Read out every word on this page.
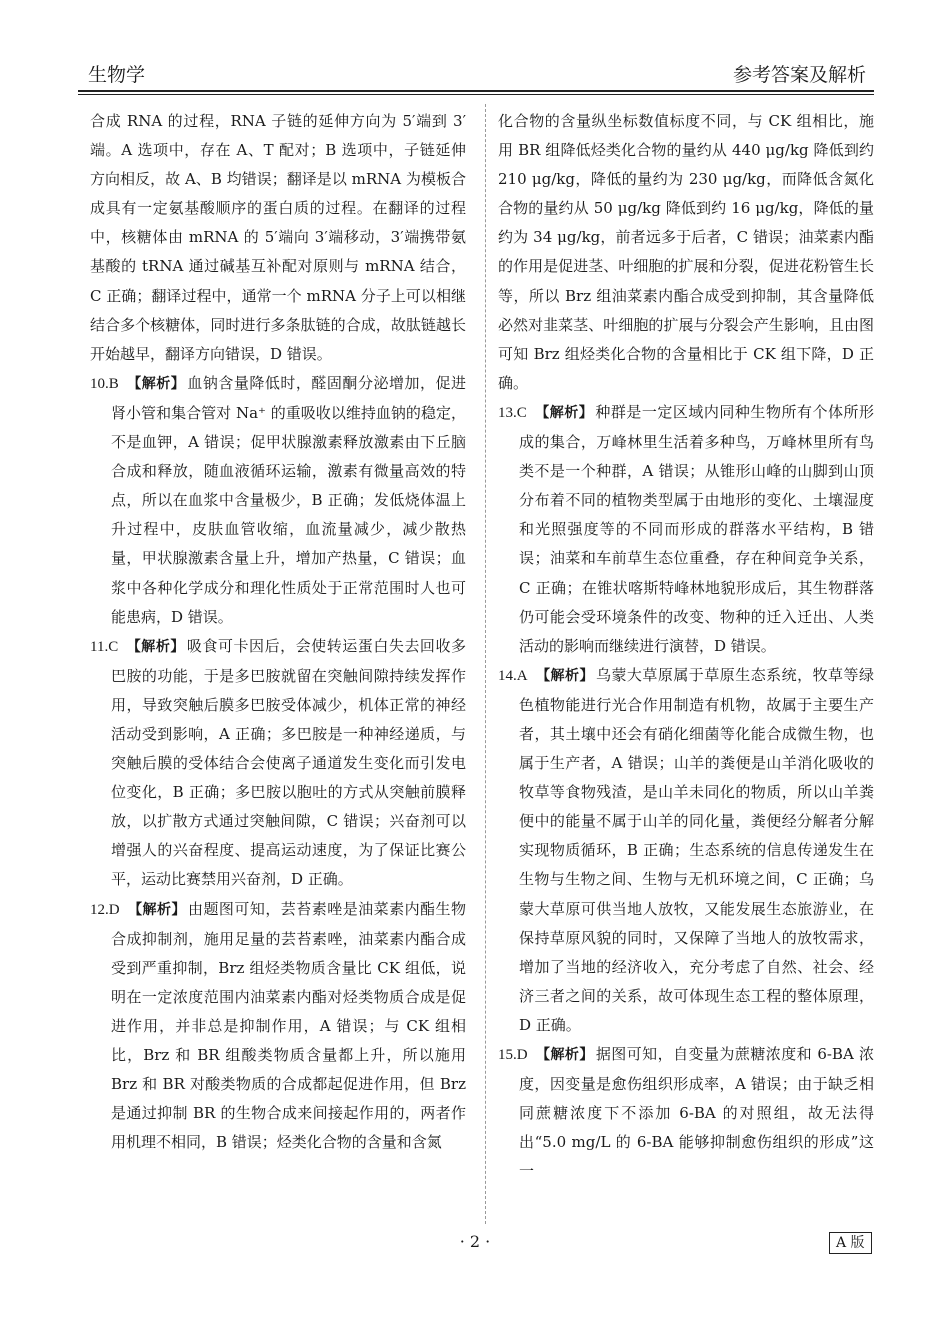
生物学	参考答案及解析

合成 RNA 的过程，RNA 子链的延伸方向为 5′端到 3′端。A 选项中，存在 A、T 配对；B 选项中，子链延伸方向相反，故 A、B 均错误；翻译是以 mRNA 为模板合成具有一定氨基酸顺序的蛋白质的过程。在翻译的过程中，核糖体由 mRNA 的 5′端向 3′端移动，3′端携带氨基酸的 tRNA 通过碱基互补配对原则与 mRNA 结合，C 正确；翻译过程中，通常一个 mRNA 分子上可以相继结合多个核糖体，同时进行多条肽链的合成，故肽链越长开始越早，翻译方向错误，D 错误。

10.B 【解析】 血钠含量降低时，醛固酮分泌增加，促进肾小管和集合管对 Na⁺ 的重吸收以维持血钠的稳定，不是血钾，A 错误；促甲状腺激素释放激素由下丘脑合成和释放，随血液循环运输，激素有微量高效的特点，所以在血浆中含量极少，B 正确；发低烧体温上升过程中，皮肤血管收缩，血流量减少，减少散热量，甲状腺激素含量上升，增加产热量，C 错误；血浆中各种化学成分和理化性质处于正常范围时人也可能患病，D 错误。

11.C 【解析】 吸食可卡因后，会使转运蛋白失去回收多巴胺的功能，于是多巴胺就留在突触间隙持续发挥作用，导致突触后膜多巴胺受体减少，机体正常的神经活动受到影响，A 正确；多巴胺是一种神经递质，与突触后膜的受体结合会使离子通道发生变化而引发电位变化，B 正确；多巴胺以胞吐的方式从突触前膜释放，以扩散方式通过突触间隙，C 错误；兴奋剂可以增强人的兴奋程度、提高运动速度，为了保证比赛公平，运动比赛禁用兴奋剂，D 正确。

12.D 【解析】 由题图可知，芸苔素唑是油菜素内酯生物合成抑制剂，施用足量的芸苔素唑，油菜素内酯合成受到严重抑制，Brz 组烃类物质含量比 CK 组低，说明在一定浓度范围内油菜素内酯对烃类物质合成是促进作用，并非总是抑制作用，A 错误；与 CK 组相比，Brz 和 BR 组酸类物质含量都上升，所以施用 Brz 和 BR 对酸类物质的合成都起促进作用，但 Brz 是通过抑制 BR 的生物合成来间接起作用的，两者作用机理不相同，B 错误；烃类化合物的含量和含氮

化合物的含量纵坐标数值标度不同，与 CK 组相比，施用 BR 组降低烃类化合物的量约从 440 μg/kg 降低到约 210 μg/kg，降低的量约为 230 μg/kg，而降低含氮化合物的量约从 50 μg/kg 降低到约 16 μg/kg，降低的量约为 34 μg/kg，前者远多于后者，C 错误；油菜素内酯的作用是促进茎、叶细胞的扩展和分裂，促进花粉管生长等，所以 Brz 组油菜素内酯合成受到抑制，其含量降低必然对韭菜茎、叶细胞的扩展与分裂会产生影响，且由图可知 Brz 组烃类化合物的含量相比于 CK 组下降，D 正确。

13.C 【解析】 种群是一定区域内同种生物所有个体所形成的集合，万峰林里生活着多种鸟，万峰林里所有鸟类不是一个种群，A 错误；从锥形山峰的山脚到山顶分布着不同的植物类型属于由地形的变化、土壤湿度和光照强度等的不同而形成的群落水平结构，B 错误；油菜和车前草生态位重叠，存在种间竞争关系，C 正确；在锥状喀斯特峰林地貌形成后，其生物群落仍可能会受环境条件的改变、物种的迁入迁出、人类活动的影响而继续进行演替，D 错误。

14.A 【解析】 乌蒙大草原属于草原生态系统，牧草等绿色植物能进行光合作用制造有机物，故属于主要生产者，其土壤中还会有硝化细菌等化能合成微生物，也属于生产者，A 错误；山羊的粪便是山羊消化吸收的牧草等食物残渣，是山羊未同化的物质，所以山羊粪便中的能量不属于山羊的同化量，粪便经分解者分解实现物质循环，B 正确；生态系统的信息传递发生在生物与生物之间、生物与无机环境之间，C 正确；乌蒙大草原可供当地人放牧，又能发展生态旅游业，在保持草原风貌的同时，又保障了当地人的放牧需求，增加了当地的经济收入，充分考虑了自然、社会、经济三者之间的关系，故可体现生态工程的整体原理，D 正确。

15.D 【解析】 据图可知，自变量为蔗糖浓度和 6-BA 浓度，因变量是愈伤组织形成率，A 错误；由于缺乏相同蔗糖浓度下不添加 6-BA 的对照组，故无法得出“5.0 mg/L 的 6-BA 能够抑制愈伤组织的形成”这一

· 2 ·	A 版
